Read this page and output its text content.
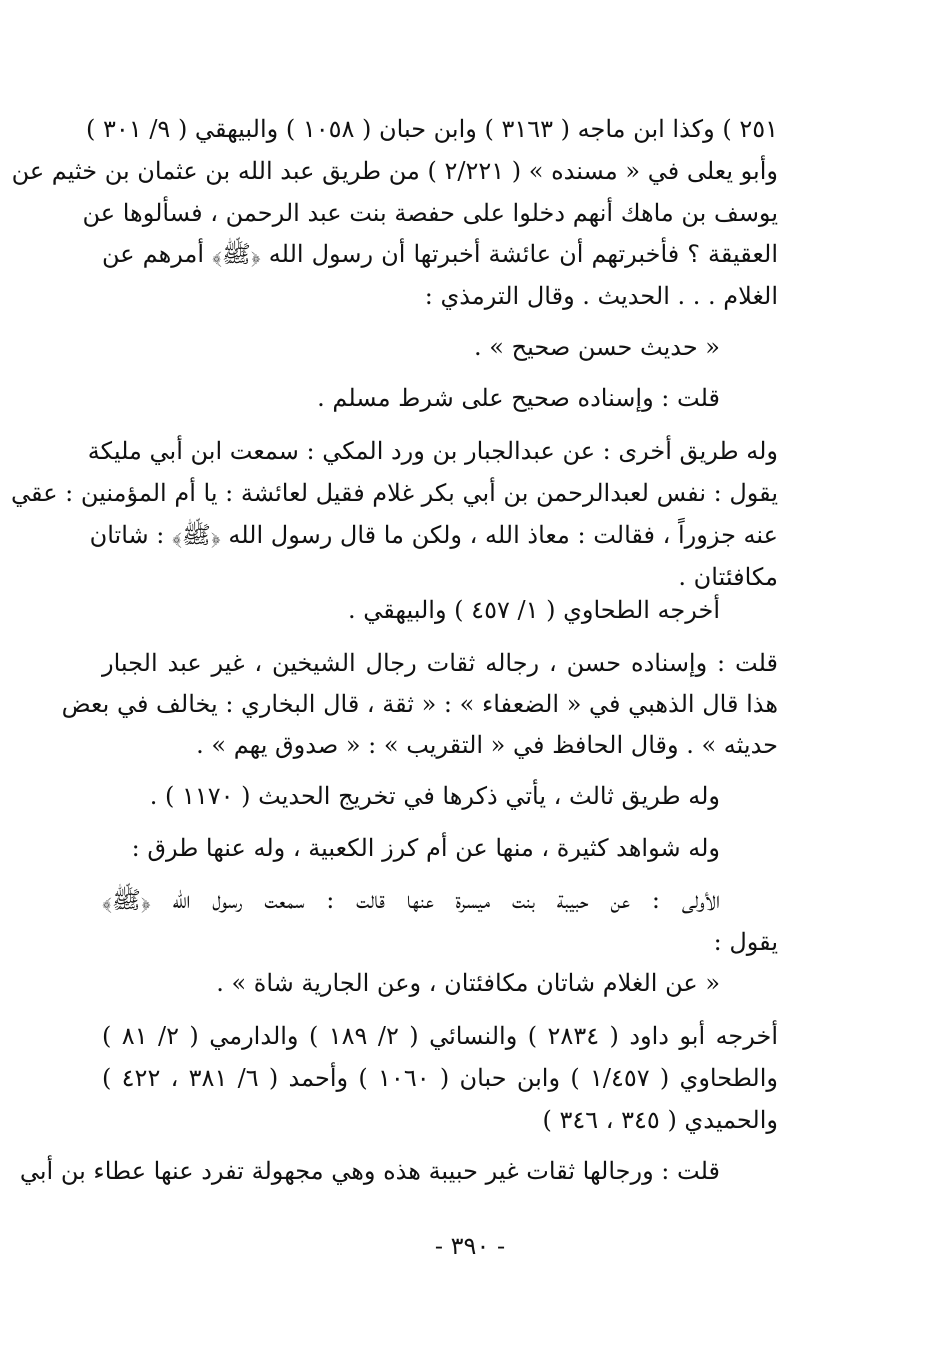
٢٥١ ) وكذا ابن ماجه ( ٣١٦٣ ) وابن حبان ( ١٠٥٨ ) والبيهقي ( ٩/ ٣٠١ )
وأبو يعلى في « مسنده » ( ٢/٢٢١ ) من طريق عبد الله بن عثمان بن خثيم عن
يوسف بن ماهك أنهم دخلوا على حفصة بنت عبد الرحمن ، فسألوها عن
العقيقة ؟ فأخبرتهم أن عائشة أخبرتها أن رسول الله ﴿ﷺ﴾ أمرهم عن
الغلام . . . الحديث . وقال الترمذي :
« حديث حسن صحيح » .
قلت : وإسناده صحيح على شرط مسلم .
وله طريق أخرى : عن عبدالجبار بن ورد المكي : سمعت ابن أبي مليكة
يقول : نفس لعبدالرحمن بن أبي بكر غلام فقيل لعائشة : يا أم المؤمنين : عقي
عنه جزوراً ، فقالت : معاذ الله ، ولكن ما قال رسول الله ﴿ﷺ﴾ : شاتان
مكافئتان .
أخرجه الطحاوي ( ١/ ٤٥٧ ) والبيهقي .
قلت : وإسناده حسن ، رجاله ثقات رجال الشيخين ، غير عبد الجبار
هذا قال الذهبي في « الضعفاء » : « ثقة ، قال البخاري : يخالف في بعض
حديثه » . وقال الحافظ في « التقريب » : « صدوق يهم » .
وله طريق ثالث ، يأتي ذكرها في تخريج الحديث ( ١١٧٠ ) .
وله شواهد كثيرة ، منها عن أم كرز الكعبية ، وله عنها طرق :
الأولى : عن حبيبة بنت ميسرة عنها قالت : سمعت رسول الله ﴿ﷺ﴾
يقول :
« عن الغلام شاتان مكافئتان ، وعن الجارية شاة » .
أخرجه أبو داود ( ٢٨٣٤ ) والنسائي ( ٢/ ١٨٩ ) والدارمي ( ٢/ ٨١ )
والطحاوي ( ١/٤٥٧ ) وابن حبان ( ١٠٦٠ ) وأحمد ( ٦/ ٣٨١ ، ٤٢٢ )
والحميدي ( ٣٤٥ ، ٣٤٦ )
قلت : ورجالها ثقات غير حبيبة هذه وهي مجهولة تفرد عنها عطاء بن أبي
- ٣٩٠ -
